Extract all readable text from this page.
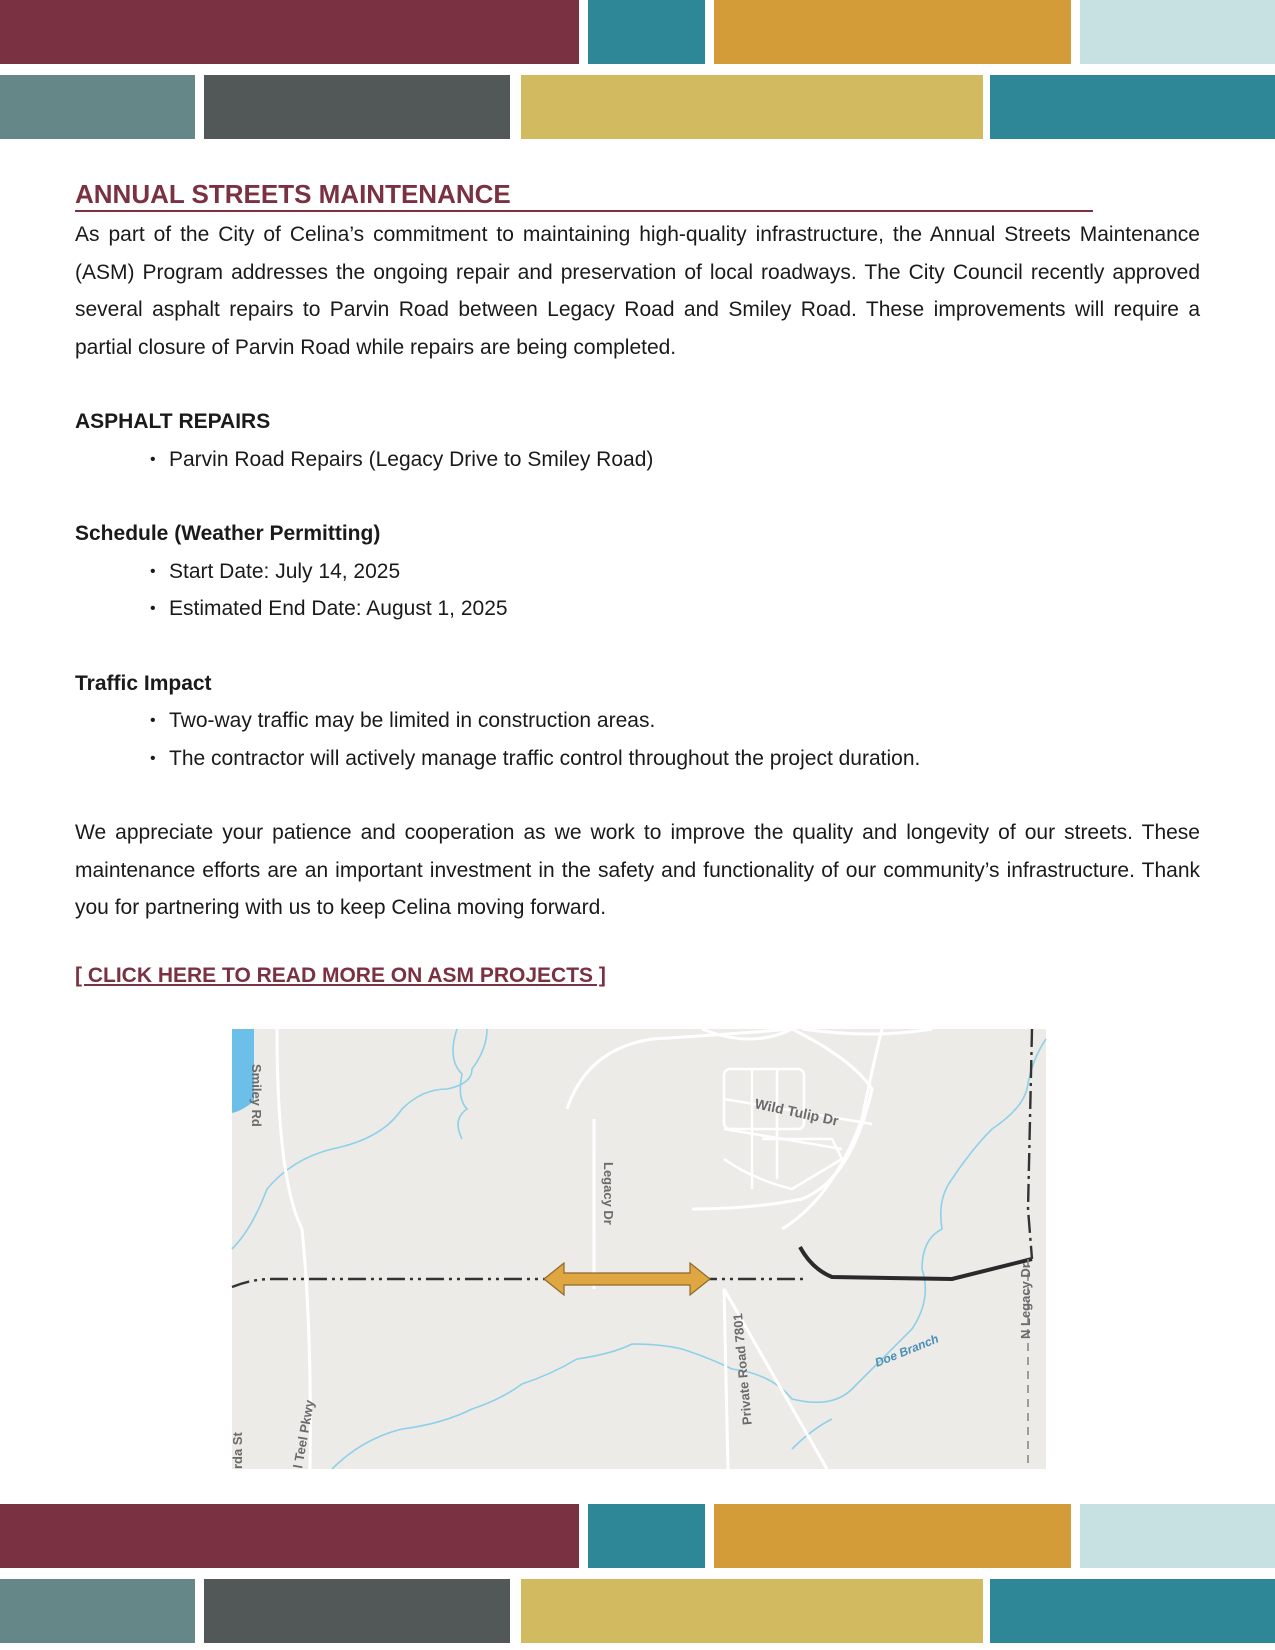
ANNUAL STREETS MAINTENANCE

As part of the City of Celina’s commitment to maintaining high-quality infrastructure, the Annual Streets Maintenance (ASM) Program addresses the ongoing repair and preservation of local roadways. The City Council recently approved several asphalt repairs to Parvin Road between Legacy Road and Smiley Road. These improvements will require a partial closure of Parvin Road while repairs are being completed.

ASPHALT REPAIRS
• Parvin Road Repairs (Legacy Drive to Smiley Road)
Schedule (Weather Permitting)
• Start Date: July 14, 2025
• Estimated End Date: August 1, 2025
Traffic Impact
• Two-way traffic may be limited in construction areas.
• The contractor will actively manage traffic control throughout the project duration.

We appreciate your patience and cooperation as we work to improve the quality and longevity of our streets. These maintenance efforts are an important investment in the safety and functionality of our community’s infrastructure. Thank you for partnering with us to keep Celina moving forward.

[ CLICK HERE TO READ MORE ON ASM PROJECTS ]
Smiley Rd	Wild Tulip Dr
Legacy Dr
Private Road 7801
N Legacy Dr
l Teel Pkwy
rda St
Doe Branch
